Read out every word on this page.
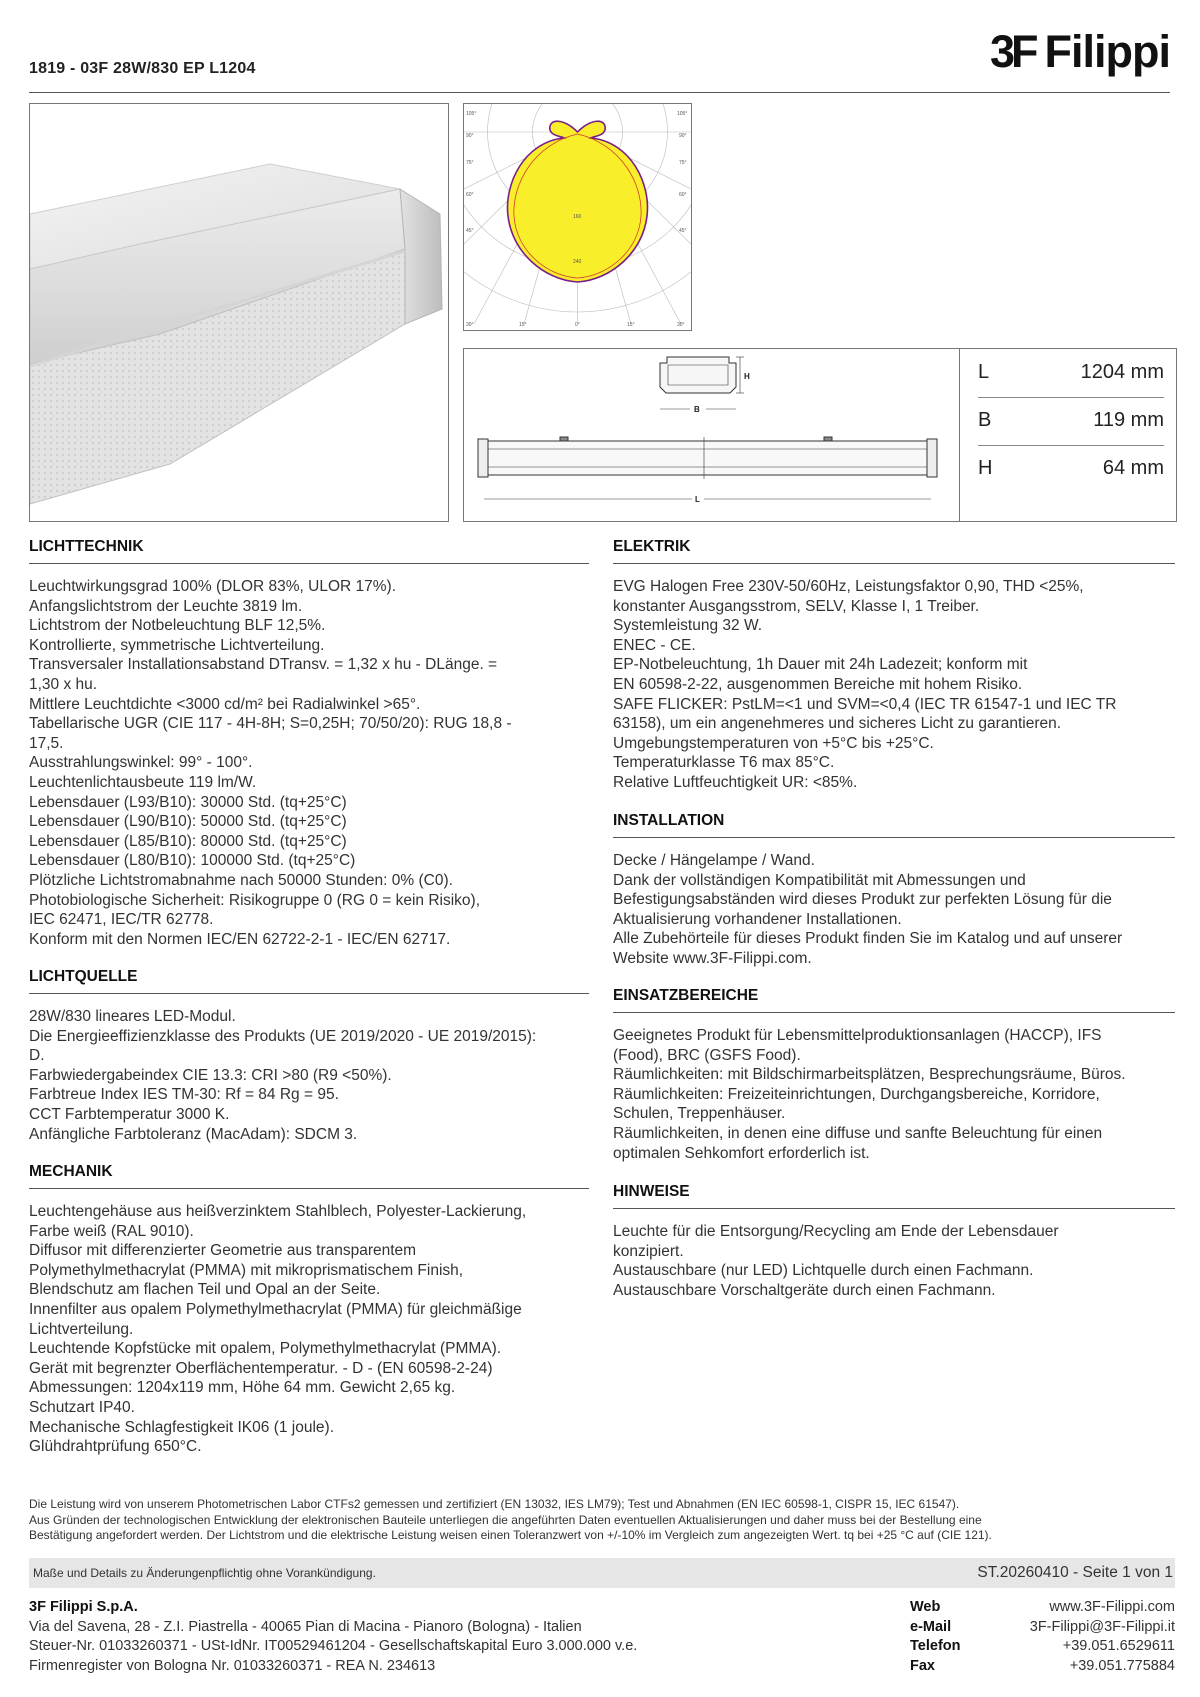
1819 - 03F 28W/830 EP L1204	3F Filippi
105°
90°
75°
60°
45°
105°
90°
75°
60°
45°
30°	15°	0°	15°	30°
160
240
H
B
L
L	1204 mm
B	119 mm
H	64 mm
LICHTTECHNIK
Leuchtwirkungsgrad 100% (DLOR 83%, ULOR 17%).
Anfangslichtstrom der Leuchte 3819 lm.
Lichtstrom der Notbeleuchtung BLF 12,5%.
Kontrollierte, symmetrische Lichtverteilung.
Transversaler Installationsabstand DTransv. = 1,32 x hu - DLänge. =
1,30 x hu.
Mittlere Leuchtdichte <3000 cd/m² bei Radialwinkel >65°.
Tabellarische UGR (CIE 117 - 4H-8H; S=0,25H; 70/50/20): RUG 18,8 -
17,5.
Ausstrahlungswinkel: 99° - 100°.
Leuchtenlichtausbeute 119 lm/W.
Lebensdauer (L93/B10): 30000 Std. (tq+25°C)
Lebensdauer (L90/B10): 50000 Std. (tq+25°C)
Lebensdauer (L85/B10): 80000 Std. (tq+25°C)
Lebensdauer (L80/B10): 100000 Std. (tq+25°C)
Plötzliche Lichtstromabnahme nach 50000 Stunden: 0% (C0).
Photobiologische Sicherheit: Risikogruppe 0 (RG 0 = kein Risiko),
IEC 62471, IEC/TR 62778.
Konform mit den Normen IEC/EN 62722-2-1 - IEC/EN 62717.
LICHTQUELLE
28W/830 lineares LED-Modul.
Die Energieeffizienzklasse des Produkts (UE 2019/2020 - UE 2019/2015):
D.
Farbwiedergabeindex CIE 13.3: CRI >80 (R9 <50%).
Farbtreue Index IES TM-30: Rf = 84 Rg = 95.
CCT Farbtemperatur 3000 K.
Anfängliche Farbtoleranz (MacAdam): SDCM 3.
MECHANIK
Leuchtengehäuse aus heißverzinktem Stahlblech, Polyester-Lackierung,
Farbe weiß (RAL 9010).
Diffusor mit differenzierter Geometrie aus transparentem
Polymethylmethacrylat (PMMA) mit mikroprismatischem Finish,
Blendschutz am flachen Teil und Opal an der Seite.
Innenfilter aus opalem Polymethylmethacrylat (PMMA) für gleichmäßige
Lichtverteilung.
Leuchtende Kopfstücke mit opalem, Polymethylmethacrylat (PMMA).
Gerät mit begrenzter Oberflächentemperatur. - D - (EN 60598-2-24)
Abmessungen: 1204x119 mm, Höhe 64 mm. Gewicht 2,65 kg.
Schutzart IP40.
Mechanische Schlagfestigkeit IK06 (1 joule).
Glühdrahtprüfung 650°C.
ELEKTRIK
EVG Halogen Free 230V-50/60Hz, Leistungsfaktor 0,90, THD <25%,
konstanter Ausgangsstrom, SELV, Klasse I, 1 Treiber.
Systemleistung 32 W.
ENEC - CE.
EP-Notbeleuchtung, 1h Dauer mit 24h Ladezeit; konform mit
EN 60598-2-22, ausgenommen Bereiche mit hohem Risiko.
SAFE FLICKER: PstLM=<1 und SVM=<0,4 (IEC TR 61547-1 und IEC TR
63158), um ein angenehmeres und sicheres Licht zu garantieren.
Umgebungstemperaturen von +5°C bis +25°C.
Temperaturklasse T6 max 85°C.
Relative Luftfeuchtigkeit UR: <85%.
INSTALLATION
Decke / Hängelampe / Wand.
Dank der vollständigen Kompatibilität mit Abmessungen und
Befestigungsabständen wird dieses Produkt zur perfekten Lösung für die
Aktualisierung vorhandener Installationen.
Alle Zubehörteile für dieses Produkt finden Sie im Katalog und auf unserer
Website www.3F-Filippi.com.
EINSATZBEREICHE
Geeignetes Produkt für Lebensmittelproduktionsanlagen (HACCP), IFS
(Food), BRC (GSFS Food).
Räumlichkeiten: mit Bildschirmarbeitsplätzen, Besprechungsräume, Büros.
Räumlichkeiten: Freizeiteinrichtungen, Durchgangsbereiche, Korridore,
Schulen, Treppenhäuser.
Räumlichkeiten, in denen eine diffuse und sanfte Beleuchtung für einen
optimalen Sehkomfort erforderlich ist.
HINWEISE
Leuchte für die Entsorgung/Recycling am Ende der Lebensdauer
konzipiert.
Austauschbare (nur LED) Lichtquelle durch einen Fachmann.
Austauschbare Vorschaltgeräte durch einen Fachmann.
Die Leistung wird von unserem Photometrischen Labor CTFs2 gemessen und zertifiziert (EN 13032, IES LM79); Test und Abnahmen (EN IEC 60598-1, CISPR 15, IEC 61547).
Aus Gründen der technologischen Entwicklung der elektronischen Bauteile unterliegen die angeführten Daten eventuellen Aktualisierungen und daher muss bei der Bestellung eine
Bestätigung angefordert werden. Der Lichtstrom und die elektrische Leistung weisen einen Toleranzwert von +/-10% im Vergleich zum angezeigten Wert. tq bei +25 °C auf (CIE 121).
Maße und Details zu Änderungenpflichtig ohne Vorankündigung.	ST.20260410 - Seite 1 von 1
3F Filippi S.p.A.
Via del Savena, 28 - Z.I. Piastrella - 40065 Pian di Macina - Pianoro (Bologna) - Italien
Steuer-Nr. 01033260371 - USt-IdNr. IT00529461204 - Gesellschaftskapital Euro 3.000.000 v.e.
Firmenregister von Bologna Nr. 01033260371 - REA N. 234613
Web	www.3F-Filippi.com
e-Mail	3F-Filippi@3F-Filippi.it
Telefon	+39.051.6529611
Fax	+39.051.775884
